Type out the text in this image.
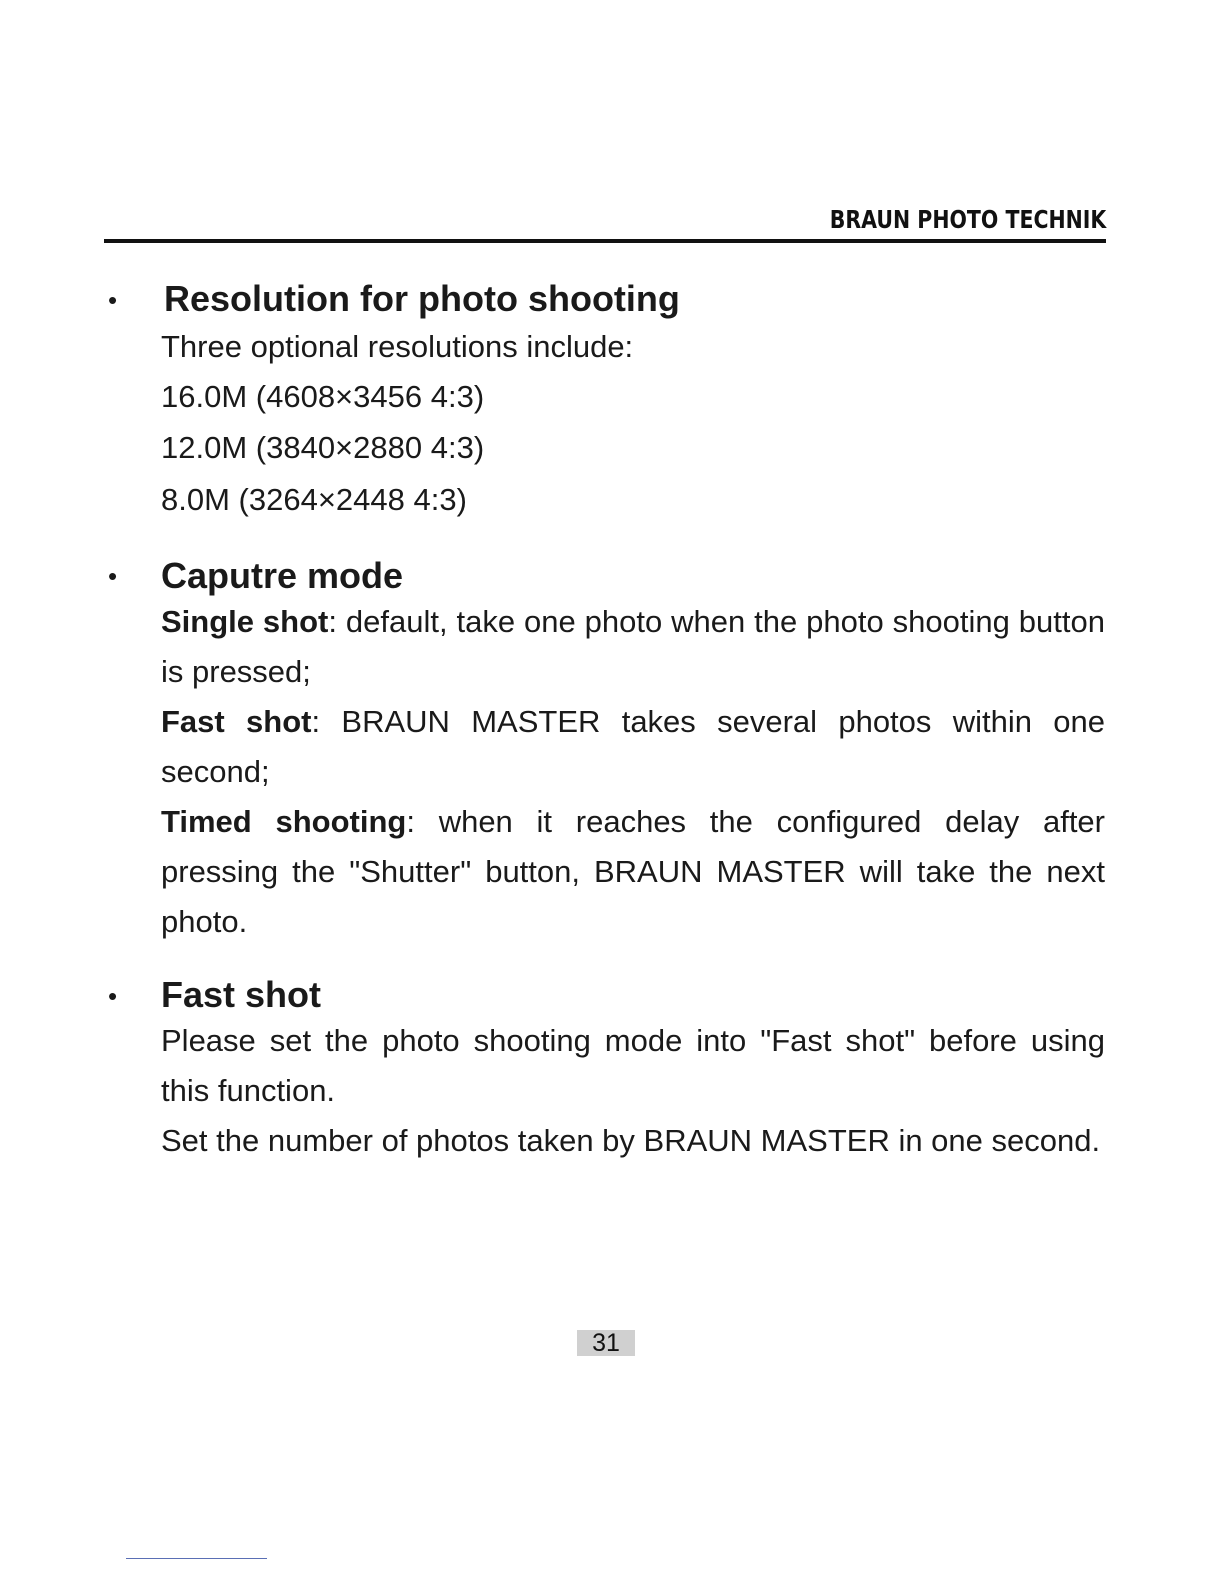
BRAUN PHOTO TECHNIK
• Resolution for photo shooting
Three optional resolutions include:
16.0M (4608×3456 4:3)
12.0M (3840×2880 4:3)
8.0M (3264×2448 4:3)
• Caputre mode
Single shot: default, take one photo when the photo shooting button is pressed;
Fast shot: BRAUN MASTER takes several photos within one second;
Timed shooting: when it reaches the configured delay after pressing the "Shutter" button, BRAUN MASTER will take the next photo.
• Fast shot
Please set the photo shooting mode into "Fast shot" before using this function.
Set the number of photos taken by BRAUN MASTER in one second.
31
